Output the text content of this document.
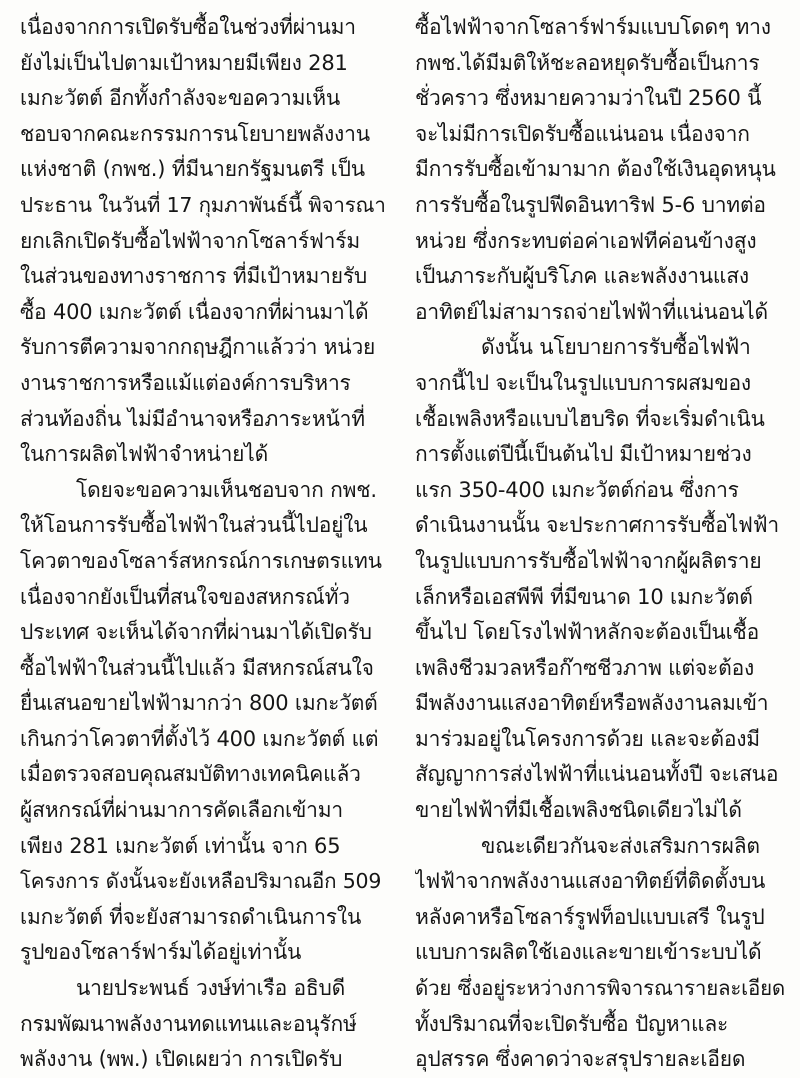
เนื่องจากการเปิดรับซื้อในช่วงที่ผ่านมา
ยังไม่เป็นไปตามเป้าหมายมีเพียง 281
เมกะวัตต์ อีกทั้งกำลังจะขอความเห็น
ชอบจากคณะกรรมการนโยบายพลังงาน
แห่งชาติ (กพช.) ที่มีนายกรัฐมนตรี เป็น
ประธาน ในวันที่ 17 กุมภาพันธ์นี้ พิจารณา
ยกเลิกเปิดรับซื้อไฟฟ้าจากโซลาร์ฟาร์ม
ในส่วนของทางราชการ ที่มีเป้าหมายรับ
ซื้อ 400 เมกะวัตต์ เนื่องจากที่ผ่านมาได้
รับการตีความจากกฤษฎีกาแล้วว่า หน่วย
งานราชการหรือแม้แต่องค์การบริหาร
ส่วนท้องถิ่น ไม่มีอำนาจหรือภาระหน้าที่
ในการผลิตไฟฟ้าจำหน่ายได้
โดยจะขอความเห็นชอบจาก กพช.
ให้โอนการรับซื้อไฟฟ้าในส่วนนี้ไปอยู่ใน
โควตาของโซลาร์สหกรณ์การเกษตรแทน
เนื่องจากยังเป็นที่สนใจของสหกรณ์ทั่ว
ประเทศ จะเห็นได้จากที่ผ่านมาได้เปิดรับ
ซื้อไฟฟ้าในส่วนนี้ไปแล้ว มีสหกรณ์สนใจ
ยื่นเสนอขายไฟฟ้ามากว่า 800 เมกะวัตต์
เกินกว่าโควตาที่ตั้งไว้ 400 เมกะวัตต์ แต่
เมื่อตรวจสอบคุณสมบัติทางเทคนิคแล้ว
ผู้สหกรณ์ที่ผ่านมาการคัดเลือกเข้ามา
เพียง 281 เมกะวัตต์ เท่านั้น จาก 65
โครงการ ดังนั้นจะยังเหลือปริมาณอีก 509
เมกะวัตต์ ที่จะยังสามารถดำเนินการใน
รูปของโซลาร์ฟาร์มได้อยู่เท่านั้น
นายประพนธ์ วงษ์ท่าเรือ อธิบดี
กรมพัฒนาพลังงานทดแทนและอนุรักษ์
พลังงาน (พพ.) เปิดเผยว่า การเปิดรับ
ซื้อไฟฟ้าจากโซลาร์ฟาร์มแบบโดดๆ ทาง
กพช.ได้มีมติให้ชะลอหยุดรับซื้อเป็นการ
ชั่วคราว ซึ่งหมายความว่าในปี 2560 นี้
จะไม่มีการเปิดรับซื้อแน่นอน เนื่องจาก
มีการรับซื้อเข้ามามาก ต้องใช้เงินอุดหนุน
การรับซื้อในรูปฟีดอินทาริฟ 5-6 บาทต่อ
หน่วย ซึ่งกระทบต่อค่าเอฟทีค่อนข้างสูง
เป็นภาระกับผู้บริโภค และพลังงานแสง
อาทิตย์ไม่สามารถจ่ายไฟฟ้าที่แน่นอนได้
ดังนั้น นโยบายการรับซื้อไฟฟ้า
จากนี้ไป จะเป็นในรูปแบบการผสมของ
เชื้อเพลิงหรือแบบไฮบริด ที่จะเริ่มดำเนิน
การตั้งแต่ปีนี้เป็นต้นไป มีเป้าหมายช่วง
แรก 350-400 เมกะวัตต์ก่อน ซึ่งการ
ดำเนินงานนั้น จะประกาศการรับซื้อไฟฟ้า
ในรูปแบบการรับซื้อไฟฟ้าจากผู้ผลิตราย
เล็กหรือเอสพีพี ที่มีขนาด 10 เมกะวัตต์
ขึ้นไป โดยโรงไฟฟ้าหลักจะต้องเป็นเชื้อ
เพลิงชีวมวลหรือก๊าซชีวภาพ แต่จะต้อง
มีพลังงานแสงอาทิตย์หรือพลังงานลมเข้า
มาร่วมอยู่ในโครงการด้วย และจะต้องมี
สัญญาการส่งไฟฟ้าที่แน่นอนทั้งปี จะเสนอ
ขายไฟฟ้าที่มีเชื้อเพลิงชนิดเดียวไม่ได้
ขณะเดียวกันจะส่งเสริมการผลิต
ไฟฟ้าจากพลังงานแสงอาทิตย์ที่ติดตั้งบน
หลังคาหรือโซลาร์รูฟท็อปแบบเสรี ในรูป
แบบการผลิตใช้เองและขายเข้าระบบได้
ด้วย ซึ่งอยู่ระหว่างการพิจารณารายละเอียด
ทั้งปริมาณที่จะเปิดรับซื้อ ปัญหาและ
อุปสรรค ซึ่งคาดว่าจะสรุปรายละเอียด
